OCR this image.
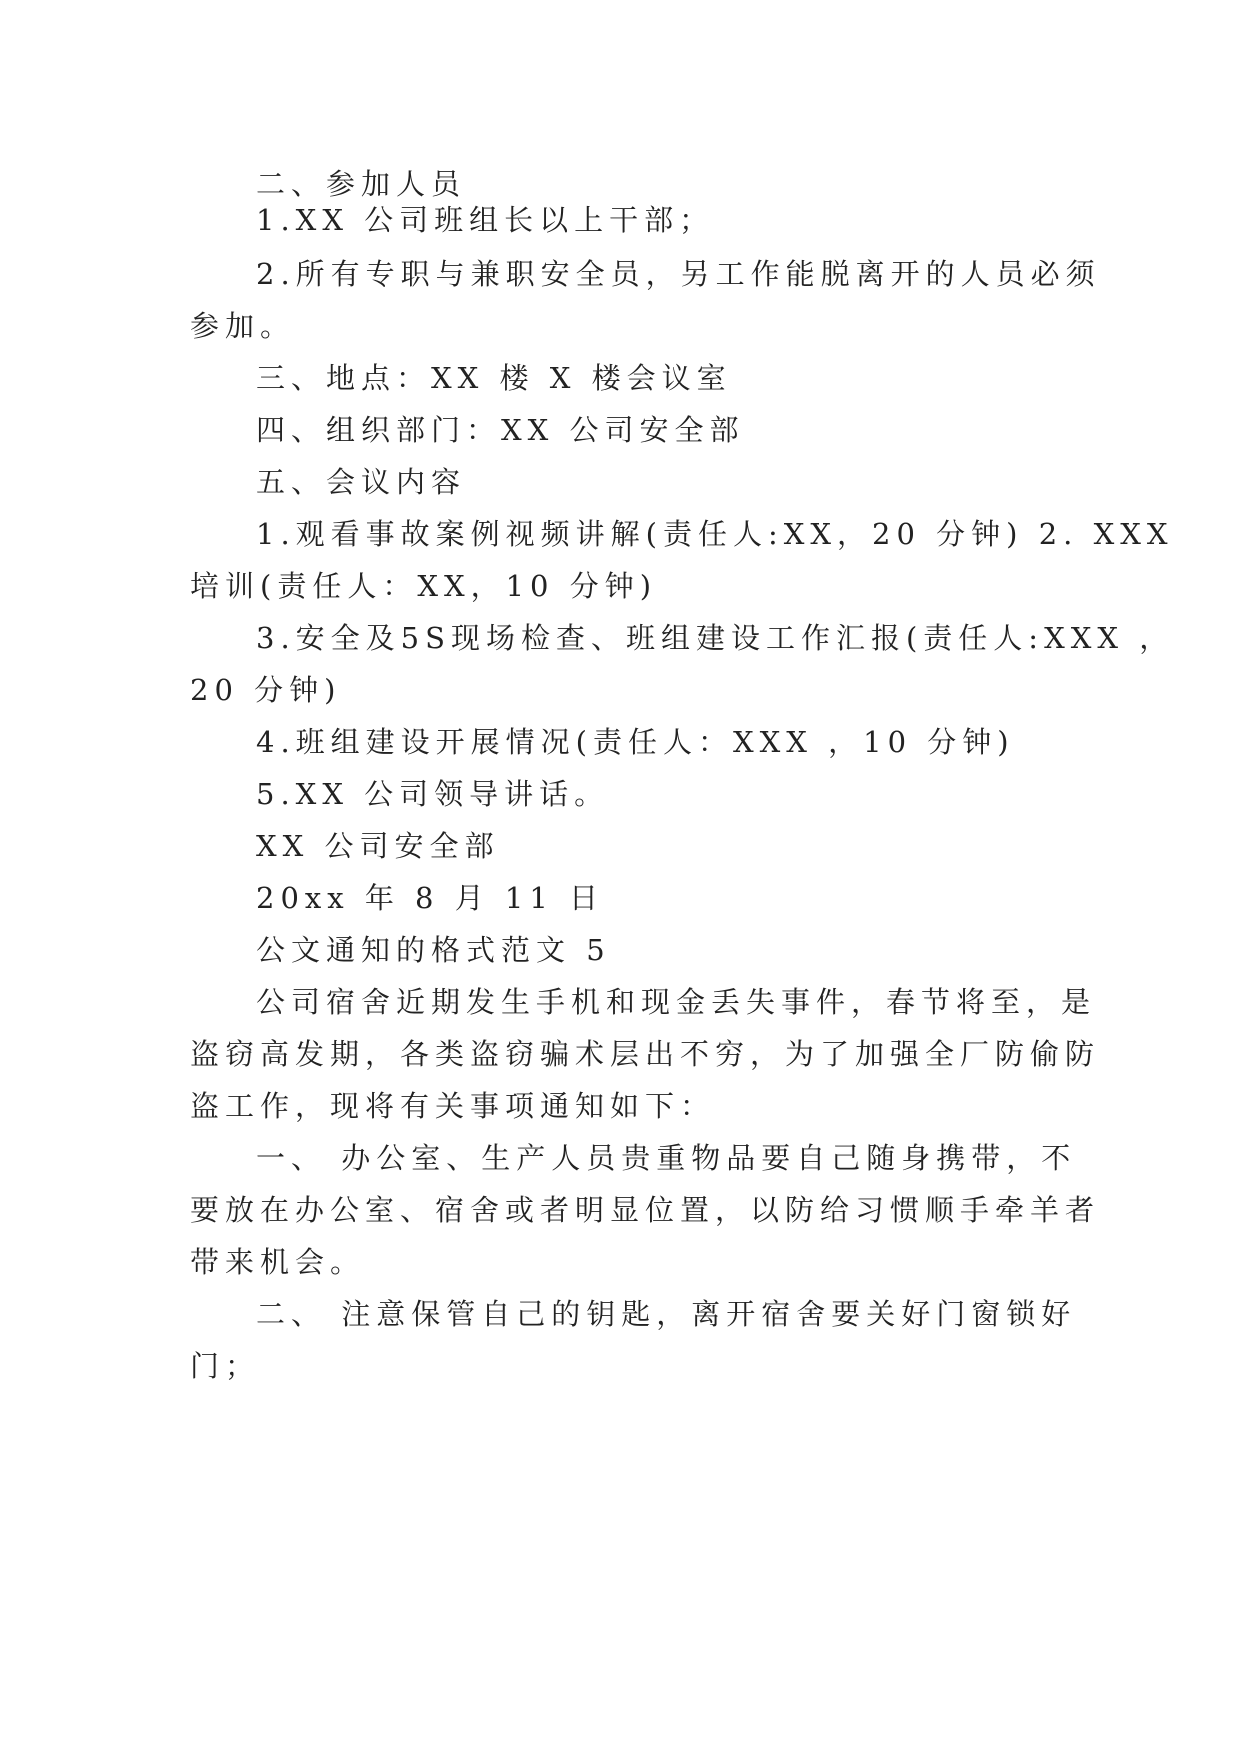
二、参加人员
1.XX 公司班组长以上干部；
2.所有专职与兼职安全员，另工作能脱离开的人员必须
参加。
三、地点：XX 楼 X 楼会议室
四、组织部门：XX 公司安全部
五、会议内容
1.观看事故案例视频讲解(责任人:XX，20 分钟) 2. XXX
培训(责任人：XX，10 分钟)
3.安全及5S现场检查、班组建设工作汇报(责任人:XXX ，
20 分钟)
4.班组建设开展情况(责任人：XXX ，10 分钟)
5.XX 公司领导讲话。
XX 公司安全部
20xx 年 8 月 11 日
公文通知的格式范文 5
公司宿舍近期发生手机和现金丢失事件，春节将至，是
盗窃高发期，各类盗窃骗术层出不穷，为了加强全厂防偷防
盗工作，现将有关事项通知如下：
一、 办公室、生产人员贵重物品要自己随身携带，不
要放在办公室、宿舍或者明显位置，以防给习惯顺手牵羊者
带来机会。
二、 注意保管自己的钥匙，离开宿舍要关好门窗锁好
门；
